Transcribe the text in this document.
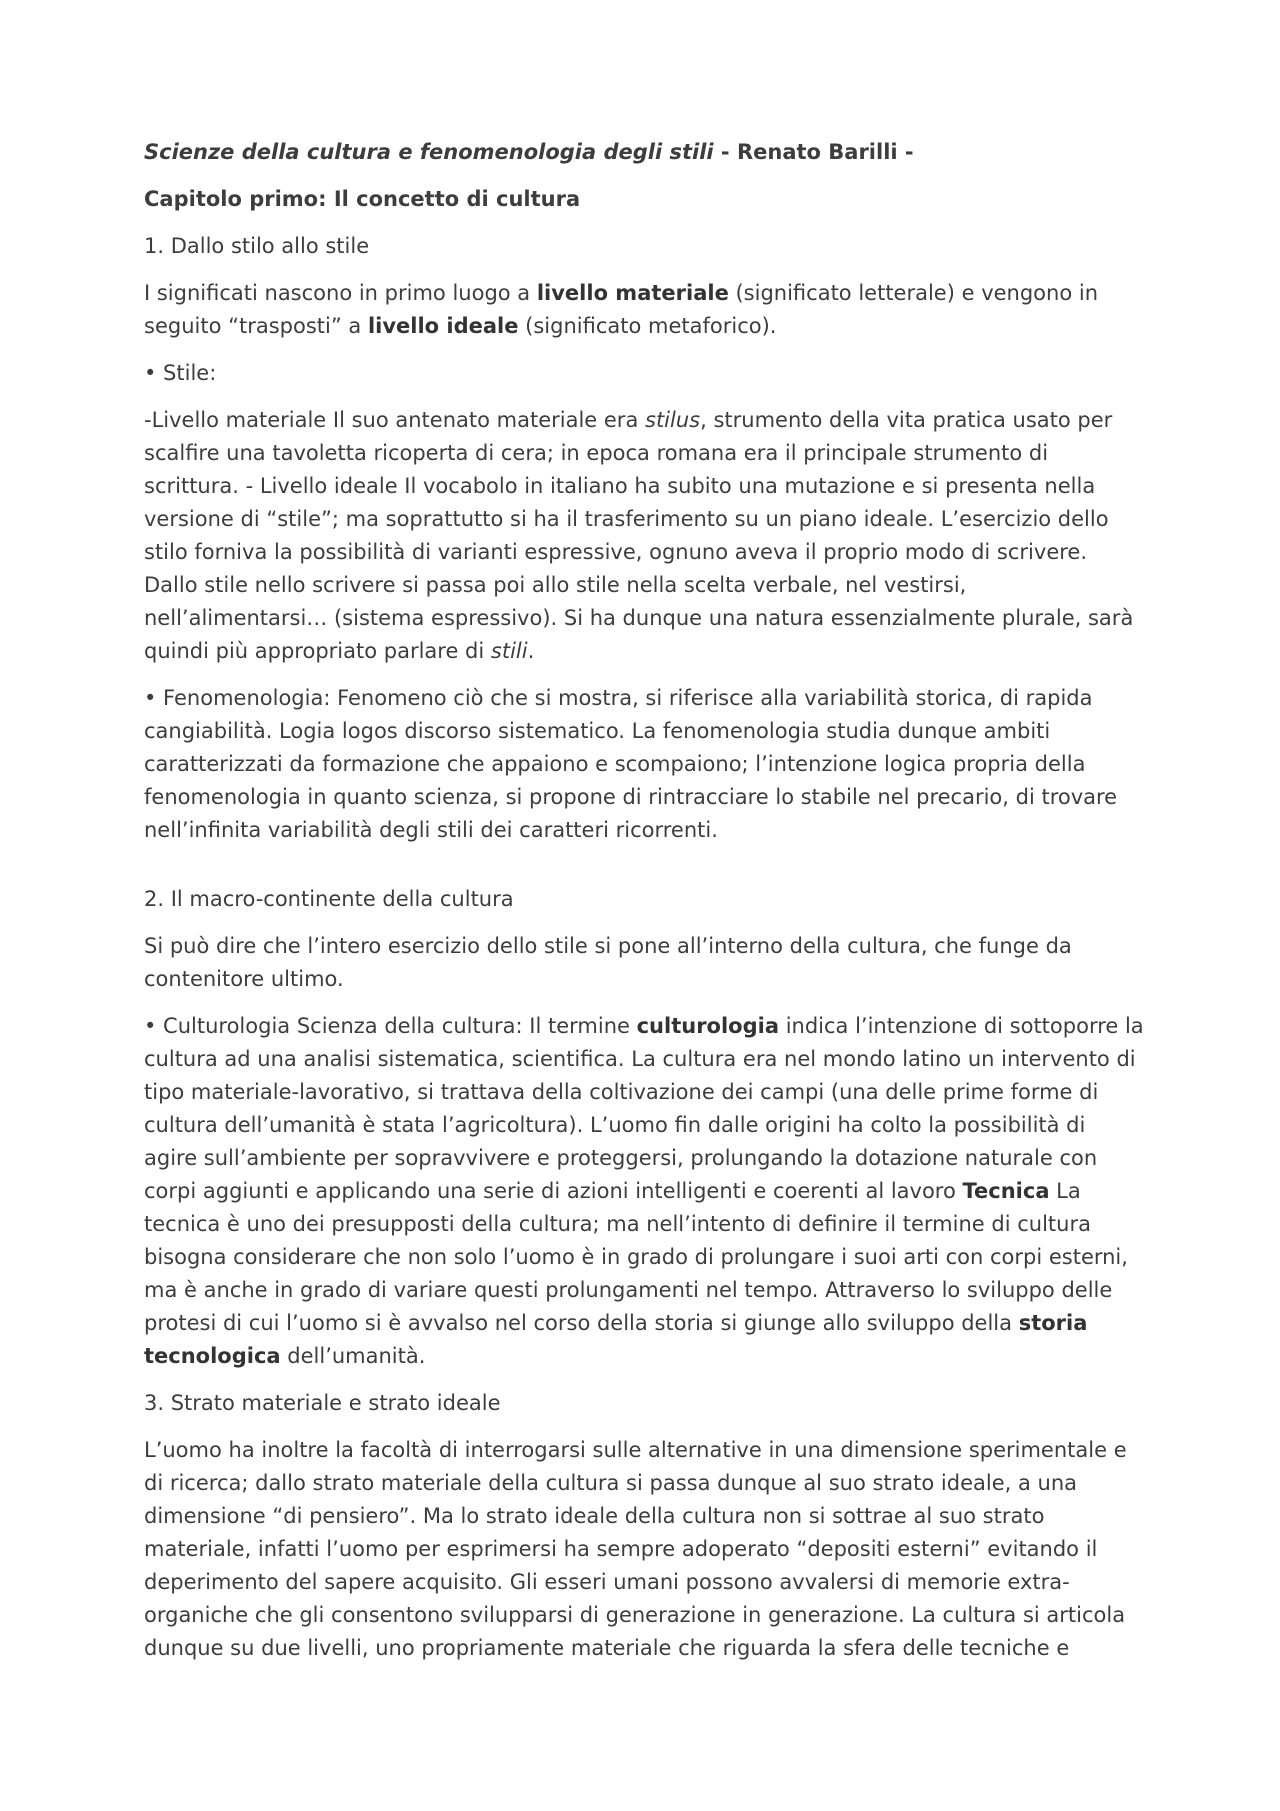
Scienze della cultura e fenomenologia degli stili - Renato Barilli -

Capitolo primo: Il concetto di cultura

1. Dallo stilo allo stile

I significati nascono in primo luogo a livello materiale (significato letterale) e vengono in seguito “trasposti” a livello ideale (significato metaforico).

• Stile:

-Livello materiale Il suo antenato materiale era stilus, strumento della vita pratica usato per scalfire una tavoletta ricoperta di cera; in epoca romana era il principale strumento di scrittura. - Livello ideale Il vocabolo in italiano ha subito una mutazione e si presenta nella versione di “stile”; ma soprattutto si ha il trasferimento su un piano ideale. L’esercizio dello stilo forniva la possibilità di varianti espressive, ognuno aveva il proprio modo di scrivere. Dallo stile nello scrivere si passa poi allo stile nella scelta verbale, nel vestirsi, nell’alimentarsi… (sistema espressivo). Si ha dunque una natura essenzialmente plurale, sarà quindi più appropriato parlare di stili.

• Fenomenologia: Fenomeno ciò che si mostra, si riferisce alla variabilità storica, di rapida cangiabilità. Logia logos discorso sistematico. La fenomenologia studia dunque ambiti caratterizzati da formazione che appaiono e scompaiono; l’intenzione logica propria della fenomenologia in quanto scienza, si propone di rintracciare lo stabile nel precario, di trovare nell’infinita variabilità degli stili dei caratteri ricorrenti.

2. Il macro-continente della cultura

Si può dire che l’intero esercizio dello stile si pone all’interno della cultura, che funge da contenitore ultimo.

• Culturologia Scienza della cultura: Il termine culturologia indica l’intenzione di sottoporre la cultura ad una analisi sistematica, scientifica. La cultura era nel mondo latino un intervento di tipo materiale-lavorativo, si trattava della coltivazione dei campi (una delle prime forme di cultura dell’umanità è stata l’agricoltura). L’uomo fin dalle origini ha colto la possibilità di agire sull’ambiente per sopravvivere e proteggersi, prolungando la dotazione naturale con corpi aggiunti e applicando una serie di azioni intelligenti e coerenti al lavoro Tecnica La tecnica è uno dei presupposti della cultura; ma nell’intento di definire il termine di cultura bisogna considerare che non solo l’uomo è in grado di prolungare i suoi arti con corpi esterni, ma è anche in grado di variare questi prolungamenti nel tempo. Attraverso lo sviluppo delle protesi di cui l’uomo si è avvalso nel corso della storia si giunge allo sviluppo della storia tecnologica dell’umanità.

3. Strato materiale e strato ideale

L’uomo ha inoltre la facoltà di interrogarsi sulle alternative in una dimensione sperimentale e di ricerca; dallo strato materiale della cultura si passa dunque al suo strato ideale, a una dimensione “di pensiero”. Ma lo strato ideale della cultura non si sottrae al suo strato materiale, infatti l’uomo per esprimersi ha sempre adoperato “depositi esterni” evitando il deperimento del sapere acquisito. Gli esseri umani possono avvalersi di memorie extra-organiche che gli consentono svilupparsi di generazione in generazione. La cultura si articola dunque su due livelli, uno propriamente materiale che riguarda la sfera delle tecniche e
